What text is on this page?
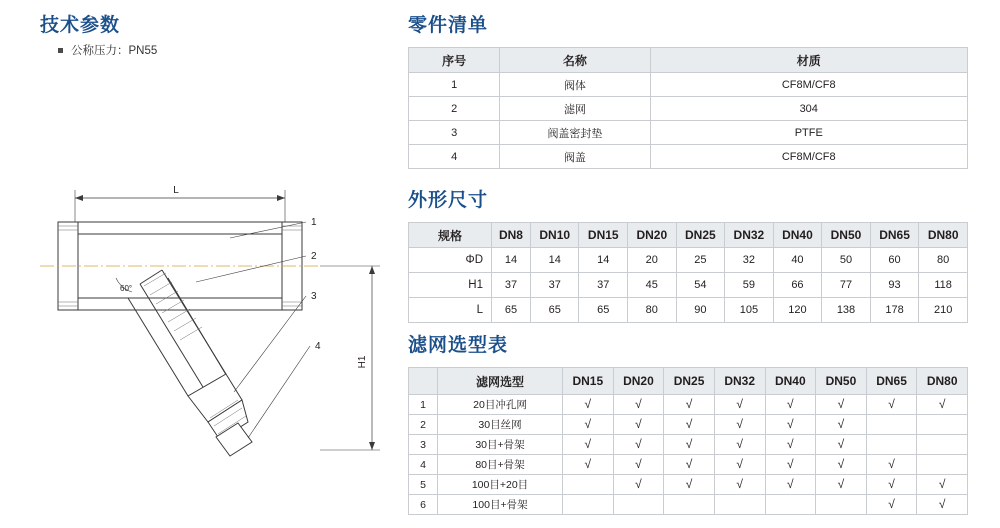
技术参数
公称压力：PN55
L
60°
1
2
3
4
H1
零件清单
序号	名称	材质
1	阀体	CF8M/CF8
2	滤网	304
3	阀盖密封垫	PTFE
4	阀盖	CF8M/CF8
外形尺寸
规格	DN8	DN10	DN15	DN20	DN25	DN32	DN40	DN50	DN65	DN80
ΦD	14	14	14	20	25	32	40	50	60	80
H1	37	37	37	45	54	59	66	77	93	118
L	65	65	65	80	90	105	120	138	178	210
滤网选型表
	滤网选型	DN15	DN20	DN25	DN32	DN40	DN50	DN65	DN80
1	20目冲孔网	√	√	√	√	√	√	√	√
2	30目丝网	√	√	√	√	√	√		
3	30目+骨架	√	√	√	√	√	√		
4	80目+骨架	√	√	√	√	√	√	√	
5	100目+20目		√	√	√	√	√	√	√
6	100目+骨架							√	√
